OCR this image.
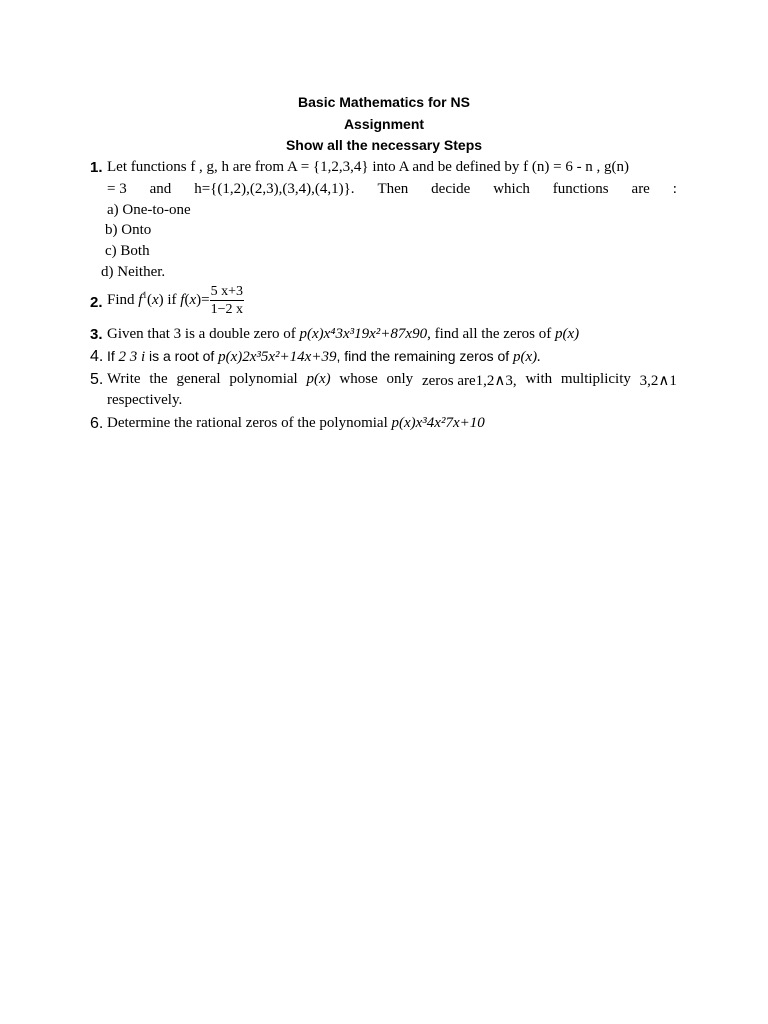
Basic Mathematics for NS
Assignment
Show all the necessary Steps
1. Let functions f , g, h are from A = {1,2,3,4} into A and be defined by f (n) = 6 - n , g(n)
= 3 and h={(1,2),(2,3),(3,4),(4,1)}. Then decide which functions are :
a) One-to-one
b) Onto
c) Both
d) Neither.
2. Find $f^1(x)$ if $f(x)= \frac{5 x+3}{1-2 x}$
3. Given that 3 is a double zero of p(x)x⁴3x³19x²+87x90, find all the zeros of p(x)
4. If 2 3 i is a root of p(x)2x³5x²+14x+39, find the remaining zeros of p(x).
5. Write the general polynomial p(x) whose only zeros are1,2∧3, with multiplicity 3,2∧1
respectively.
6. Determine the rational zeros of the polynomial p(x)x³4x²7x+10
